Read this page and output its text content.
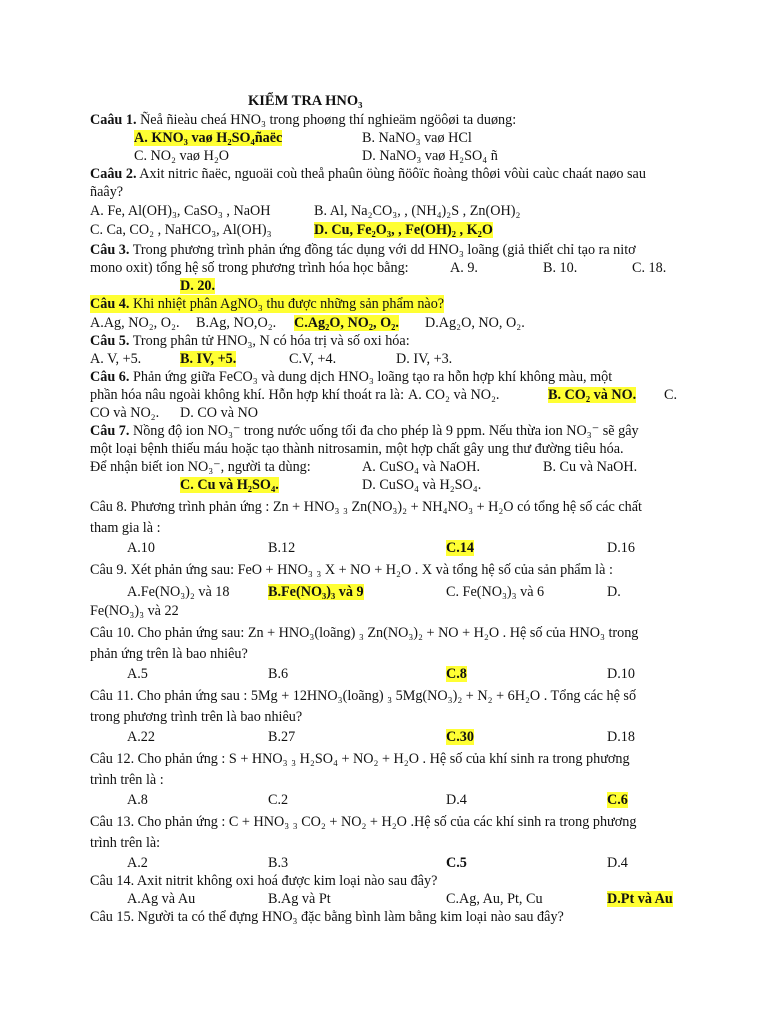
KIỂM TRA HNO₃
Caâu 1. Ñeå ñieàu cheá HNO₃ trong phoøng thí nghieäm ngöôøi ta duøng:
A. KNO₃ vaø H₂SO₄ñaëc	B. NaNO₃ vaø HCl
C. NO₂ vaø H₂O	D. NaNO₃ vaø H₂SO₄ ñ
Caâu 2. Axit nitric ñaëc, nguoäi coù theå phaûn öùng ñöôïc ñoàng thôøi vôùi caùc chaát naøo sau
ñaây?
A. Fe, Al(OH)₃, CaSO₃ , NaOH	B. Al, Na₂CO₃, , (NH₄)₂S , Zn(OH)₂
C. Ca, CO₂ , NaHCO₃, Al(OH)₃	D. Cu, Fe₂O₃, , Fe(OH)₂ , K₂O
Câu 3. Trong phương trình phản ứng đồng tác dụng với dd HNO₃ loãng (giả thiết chỉ tạo ra nitơ
mono oxit) tổng hệ số trong phương trình hóa học bằng:	A. 9.	B. 10.	C. 18.
D. 20.
Câu 4. Khi nhiệt phân AgNO₃ thu được những sản phẩm nào?
A.Ag, NO₂, O₂. B.Ag, NO,O₂. C.Ag₂O, NO₂, O₂. D.Ag₂O, NO, O₂.
Câu 5. Trong phân tử HNO₃, N có hóa trị và số oxi hóa:
A. V, +5.	B. IV, +5.	C.V, +4.	D. IV, +3.
Câu 6. Phản ứng giữa FeCO₃ và dung dịch HNO₃ loãng tạo ra hỗn hợp khí không màu, một
phần hóa nâu ngoài không khí. Hỗn hợp khí thoát ra là: A. CO₂ và NO₂.	B. CO₂ và NO. C.
CO và NO₂. D. CO và NO
Câu 7. Nồng độ ion NO₃⁻ trong nước uống tối đa cho phép là 9 ppm. Nếu thừa ion NO₃⁻ sẽ gây
một loại bệnh thiếu máu hoặc tạo thành nitrosamin, một hợp chất gây ung thư đường tiêu hóa.
Để nhận biết ion NO₃⁻, người ta dùng:	A. CuSO₄ và NaOH.	B. Cu và NaOH.
C. Cu và H₂SO₄.	D. CuSO₄ và H₂SO₄.
Câu 8. Phương trình phản ứng : Zn + HNO₃ ₃ Zn(NO₃)₂ + NH₄NO₃ + H₂O có tổng hệ số các chất
tham gia là :
A.10	B.12	C.14	D.16
Câu 9. Xét phản ứng sau: FeO + HNO₃ ₃ X + NO + H₂O . X và tổng hệ số của sản phẩm là :
A.Fe(NO₃)₂ và 18	B.Fe(NO₃)₃ và 9	C. Fe(NO₃)₃ và 6	D.
Fe(NO₃)₃ và 22
Câu 10. Cho phản ứng sau: Zn + HNO₃(loãng) ₃ Zn(NO₃)₂ + NO + H₂O . Hệ số của HNO₃ trong
phản ứng trên là bao nhiêu?
A.5	B.6	C.8	D.10
Câu 11. Cho phản ứng sau : 5Mg + 12HNO₃(loãng) ₃ 5Mg(NO₃)₂ + N₂ + 6H₂O . Tổng các hệ số
trong phương trình trên là bao nhiêu?
A.22	B.27	C.30	D.18
Câu 12. Cho phản ứng : S + HNO₃ ₃ H₂SO₄ + NO₂ + H₂O . Hệ số của khí sinh ra trong phương
trình trên là :
A.8	C.2	D.4	C.6
Câu 13. Cho phản ứng : C + HNO₃ ₃ CO₂ + NO₂ + H₂O .Hệ số của các khí sinh ra trong phương
trình trên là:
A.2	B.3	C.5	D.4
Câu 14. Axit nitrit không oxi hoá được kim loại nào sau đây?
A.Ag và Au	B.Ag và Pt	C.Ag, Au, Pt, Cu	D.Pt và Au
Câu 15. Người ta có thể đựng HNO₃ đặc bằng bình làm bằng kim loại nào sau đây?
